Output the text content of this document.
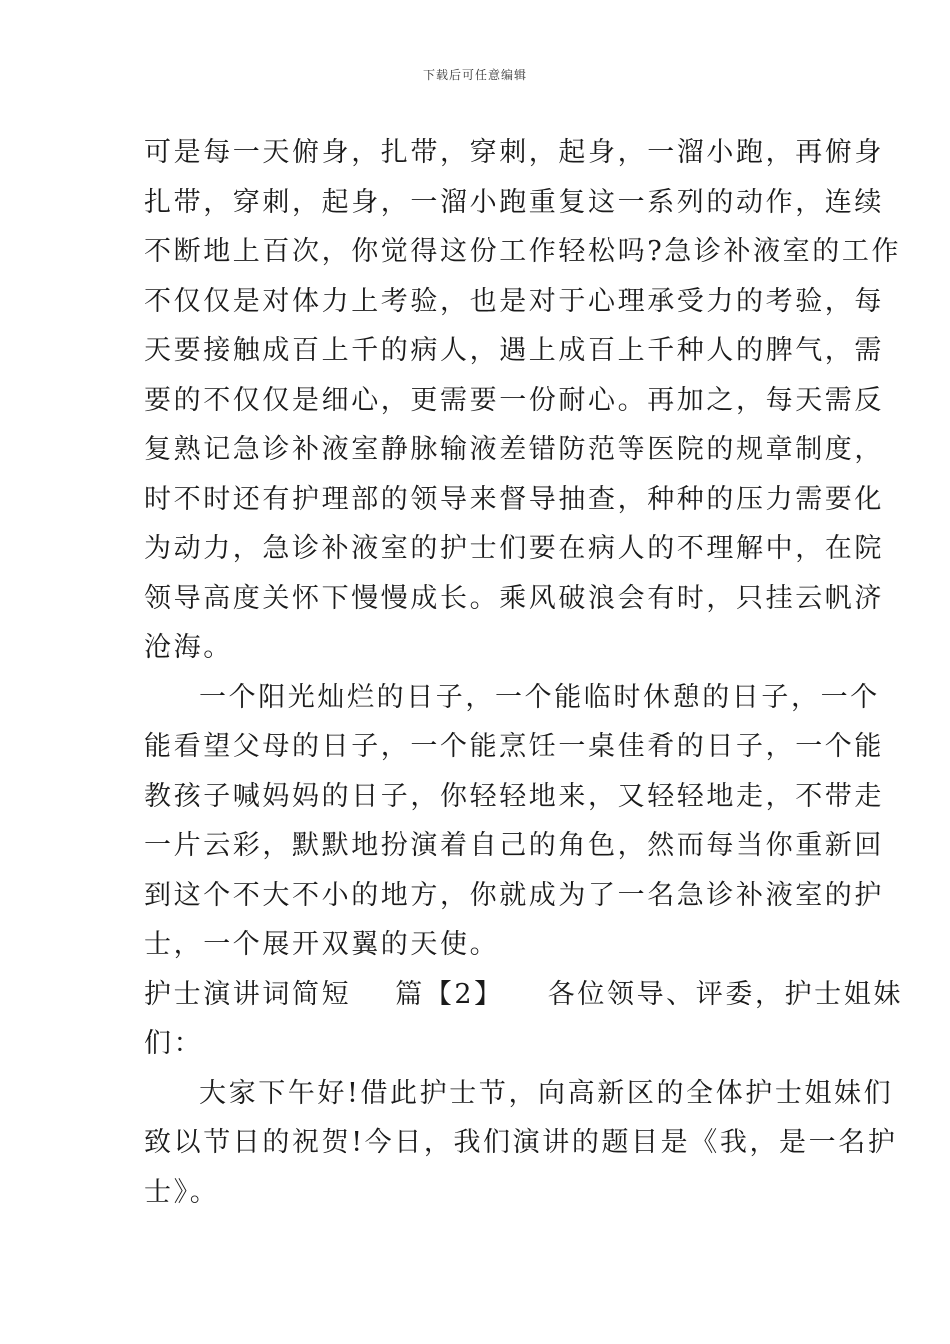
下载后可任意编辑
可是每一天俯身，扎带，穿刺，起身，一溜小跑，再俯身
扎带，穿刺，起身，一溜小跑重复这一系列的动作，连续
不断地上百次，你觉得这份工作轻松吗?急诊补液室的工作
不仅仅是对体力上考验，也是对于心理承受力的考验，每
天要接触成百上千的病人，遇上成百上千种人的脾气，需
要的不仅仅是细心，更需要一份耐心。再加之，每天需反
复熟记急诊补液室静脉输液差错防范等医院的规章制度，
时不时还有护理部的领导来督导抽查，种种的压力需要化
为动力，急诊补液室的护士们要在病人的不理解中，在院
领导高度关怀下慢慢成长。乘风破浪会有时，只挂云帆济
沧海。
一个阳光灿烂的日子，一个能临时休憩的日子，一个
能看望父母的日子，一个能烹饪一桌佳肴的日子，一个能
教孩子喊妈妈的日子，你轻轻地来，又轻轻地走，不带走
一片云彩，默默地扮演着自己的角色，然而每当你重新回
到这个不大不小的地方，你就成为了一名急诊补液室的护
士，一个展开双翼的天使。
护士演讲词简短 篇【2】 各位领导、评委，护士姐妹
们：
大家下午好!借此护士节，向高新区的全体护士姐妹们
致以节日的祝贺!今日，我们演讲的题目是《我，是一名护
士》。
